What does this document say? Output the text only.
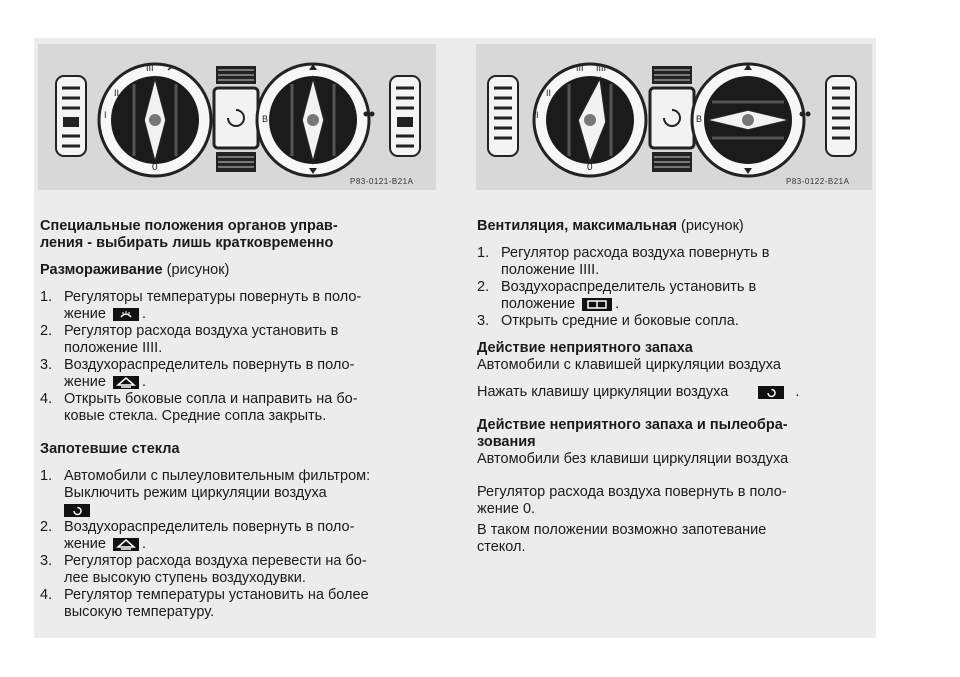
0
I
II
III
B
P83-0121-B21A
0
I
II
III IIII
B
P83-0122-B21A

Специальные положения органов управ-

ления - выбирать лишь кратковременно

Размораживание (рисунок)

1. Регуляторы температуры повернуть в поло-
жение .
2. Регулятор расхода воздуха установить в
положение IIII.
3. Воздухораспределитель повернуть в поло-
жение .
4. Открыть боковые сопла и направить на бо-
ковые стекла. Средние сопла закрыть.

Запотевшие стекла

1. Автомобили с пылеуловительным фильтром:
Выключить режим циркуляции воздуха

2. Воздухораспределитель повернуть в поло-
жение .
3. Регулятор расхода воздуха перевести на бо-
лее высокую ступень воздуходувки.
4. Регулятор температуры установить на более
высокую температуру.

Вентиляция, максимальная (рисунок)

1. Регулятор расхода воздуха повернуть в
положение IIII.
2. Воздухораспределитель установить в
положение	.
3. Открыть средние и боковые сопла.

Действие неприятного запаха

Автомобили с клавишей циркуляции воздуха

Нажать клавишу циркуляции воздуха	.

Действие неприятного запаха и пылеобра-

зования

Автомобили без клавиши циркуляции воздуха

Регулятор расхода воздуха повернуть в поло-
жение 0.

В таком положении возможно запотевание
стекол.
